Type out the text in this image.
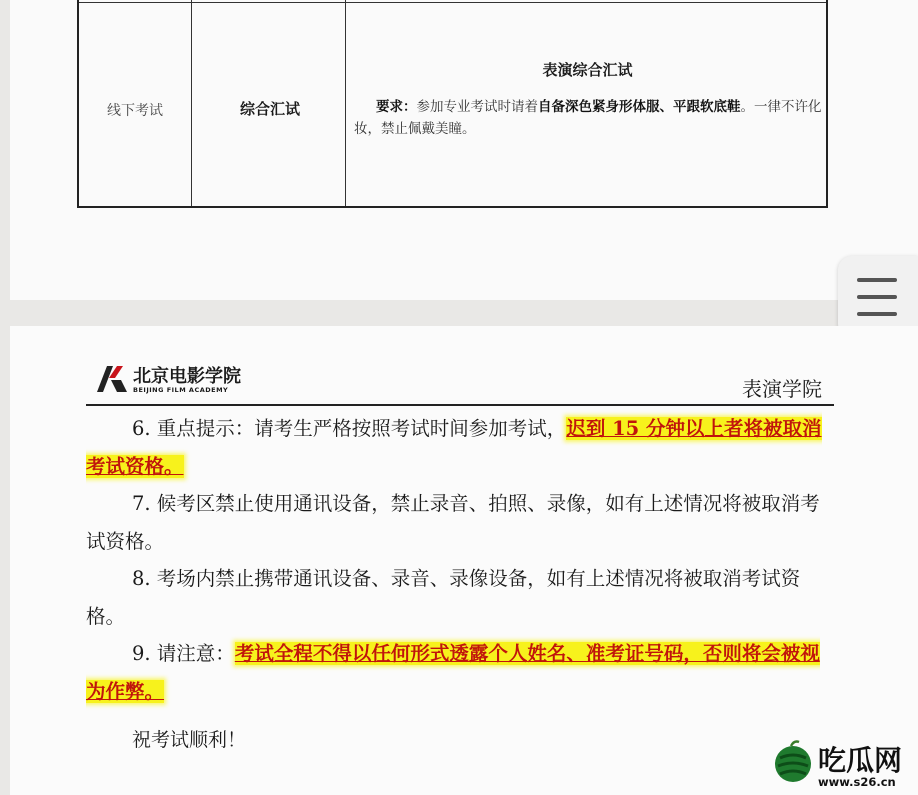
线下考试	综合汇试
表演综合汇试
要求：参加专业考试时请着自备深色紧身形体服、平跟软底鞋。一律不许化妆，禁止佩戴美瞳。
北京电影学院
BEIJING FILM ACADEMY	表演学院

6. 重点提示：请考生严格按照考试时间参加考试，迟到 15 分钟以上者将被取消考试资格。

7. 候考区禁止使用通讯设备，禁止录音、拍照、录像，如有上述情况将被取消考试资格。

8. 考场内禁止携带通讯设备、录音、录像设备，如有上述情况将被取消考试资格。

9. 请注意：考试全程不得以任何形式透露个人姓名、准考证号码，否则将会被视为作弊。

祝考试顺利！
吃瓜网
www.s26.cn
